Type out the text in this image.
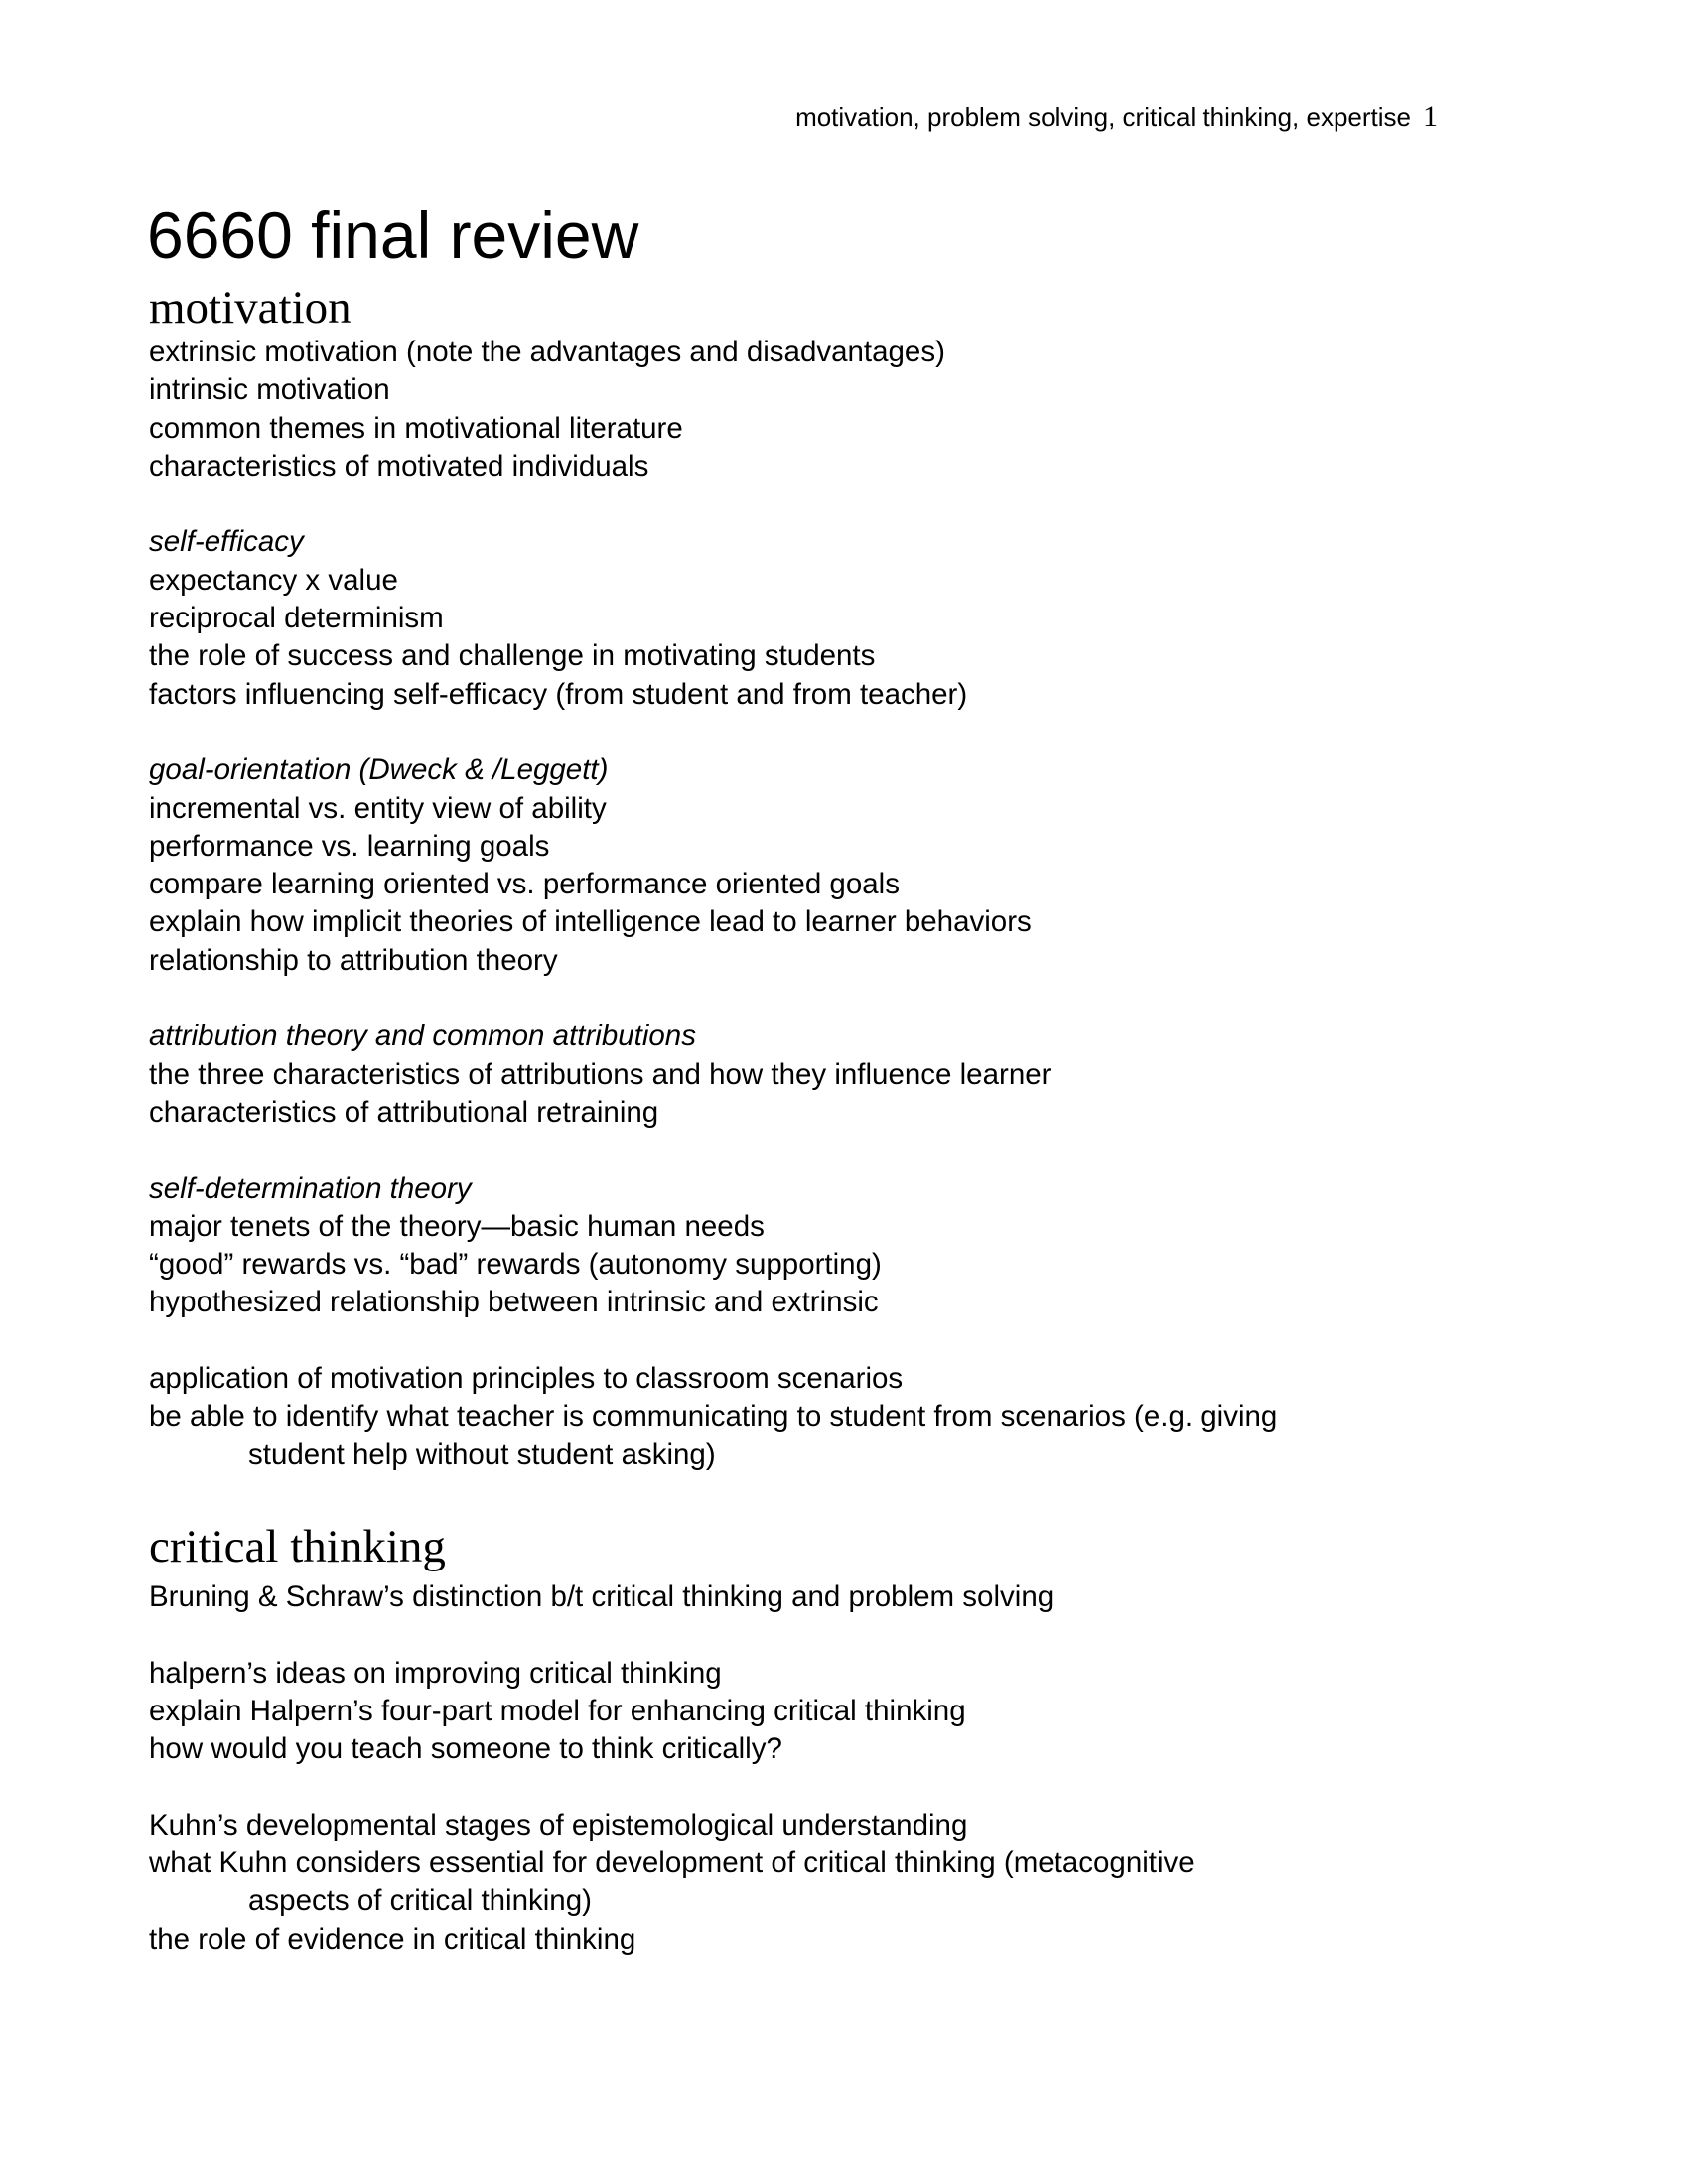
motivation, problem solving, critical thinking, expertise 1
6660 final review
motivation
extrinsic motivation (note the advantages and disadvantages)
intrinsic motivation
common themes in motivational literature
characteristics of motivated individuals
self-efficacy
expectancy x value
reciprocal determinism
the role of success and challenge in motivating students
factors influencing self-efficacy (from student and from teacher)
goal-orientation (Dweck & /Leggett)
incremental vs. entity view of ability
performance vs. learning goals
compare learning oriented vs. performance oriented goals
explain how implicit theories of intelligence lead to learner behaviors
relationship to attribution theory
attribution theory and common attributions
the three characteristics of attributions and how they influence learner
characteristics of attributional retraining
self-determination theory
major tenets of the theory—basic human needs
“good” rewards vs. “bad” rewards (autonomy supporting)
hypothesized relationship between intrinsic and extrinsic
application of motivation principles to classroom scenarios
be able to identify what teacher is communicating to student from scenarios (e.g. giving
student help without student asking)
critical thinking
Bruning & Schraw’s distinction b/t critical thinking and problem solving
halpern’s ideas on improving critical thinking
explain Halpern’s four-part model for enhancing critical thinking
how would you teach someone to think critically?
Kuhn’s developmental stages of epistemological understanding
what Kuhn considers essential for development of critical thinking (metacognitive
aspects of critical thinking)
the role of evidence in critical thinking
